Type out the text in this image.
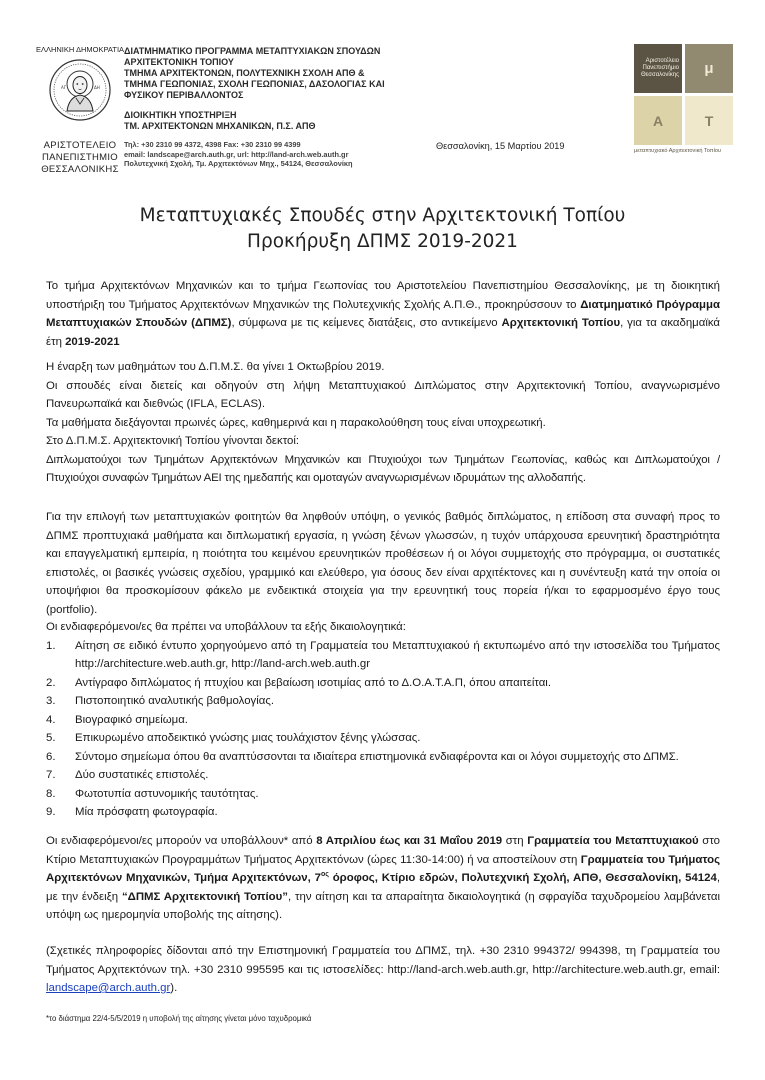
ΕΛΛΗΝΙΚΗ ΔΗΜΟΚΡΑΤΙΑ
ΑΓ	ΔΗ
ΑΡΙΣΤΟΤΕΛΕΙΟ
ΠΑΝΕΠΙΣΤΗΜΙΟ
ΘΕΣΣΑΛΟΝΙΚΗΣ
ΔΙΑΤΜΗΜΑΤΙΚΟ ΠΡΟΓΡΑΜΜΑ ΜΕΤΑΠΤΥΧΙΑΚΩΝ ΣΠΟΥΔΩΝ
ΑΡΧΙΤΕΚΤΟΝΙΚΗ ΤΟΠΙΟΥ
ΤΜΗΜΑ ΑΡΧΙΤΕΚΤΟΝΩΝ, ΠΟΛΥΤΕΧΝΙΚΗ ΣΧΟΛΗ ΑΠΘ &
ΤΜΗΜΑ ΓΕΩΠΟΝΙΑΣ, ΣΧΟΛΗ ΓΕΩΠΟΝΙΑΣ, ΔΑΣΟΛΟΓΙΑΣ ΚΑΙ
ΦΥΣΙΚΟΥ ΠΕΡΙΒΑΛΛΟΝΤΟΣ
ΔΙΟΙΚΗΤΙΚΗ ΥΠΟΣΤΗΡΙΞΗ
ΤΜ. ΑΡΧΙΤΕΚΤΟΝΩΝ ΜΗΧΑΝΙΚΩΝ, Π.Σ. ΑΠΘ
Τηλ: +30 2310 99 4372, 4398 Fax: +30 2310 99 4399
email: landscape@arch.auth.gr, url: http://land-arch.web.auth.gr
Πολυτεχνική Σχολή, Τμ. Αρχιτεκτόνων Μηχ., 54124, Θεσσαλονίκη
Θεσσαλονίκη, 15 Μαρτίου 2019
Αριστοτέλειο
Πανεπιστήμιο
Θεσσαλονίκης	μ
Α	Τ
μεταπτυχιακό Αρχιτεκτονική Τοπίου
Μεταπτυχιακές Σπουδές στην Αρχιτεκτονική Τοπίου
Προκήρυξη ΔΠΜΣ 2019-2021

Το τμήμα Αρχιτεκτόνων Μηχανικών και το τμήμα Γεωπονίας του Αριστοτελείου Πανεπιστημίου Θεσσαλονίκης, με τη διοικητική υποστήριξη του Τμήματος Αρχιτεκτόνων Μηχανικών της Πολυτεχνικής Σχολής Α.Π.Θ., προκηρύσσουν το Διατμηματικό Πρόγραμμα Μεταπτυχιακών Σπουδών (ΔΠΜΣ), σύμφωνα με τις κείμενες διατάξεις, στο αντικείμενο Αρχιτεκτονική Τοπίου, για τα ακαδημαϊκά έτη 2019-2021

Η έναρξη των μαθημάτων του Δ.Π.Μ.Σ. θα γίνει 1 Οκτωβρίου 2019.

Οι σπουδές είναι διετείς και οδηγούν στη λήψη Μεταπτυχιακού Διπλώματος στην Αρχιτεκτονική Τοπίου, αναγνωρισμένο Πανευρωπαϊκά και διεθνώς (IFLA, ECLAS).

Τα μαθήματα διεξάγονται πρωινές ώρες, καθημερινά και η παρακολούθηση τους είναι υποχρεωτική.

Στο Δ.Π.Μ.Σ. Αρχιτεκτονική Τοπίου γίνονται δεκτοί:

Διπλωματούχοι των Τμημάτων Αρχιτεκτόνων Μηχανικών και Πτυχιούχοι των Τμημάτων Γεωπονίας, καθώς και Διπλωματούχοι / Πτυχιούχοι συναφών Τμημάτων ΑΕΙ της ημεδαπής και ομοταγών αναγνωρισμένων ιδρυμάτων της αλλοδαπής.

Για την επιλογή των μεταπτυχιακών φοιτητών θα ληφθούν υπόψη, ο γενικός βαθμός διπλώματος, η επίδοση στα συναφή προς το ΔΠΜΣ προπτυχιακά μαθήματα και διπλωματική εργασία, η γνώση ξένων γλωσσών, η τυχόν υπάρχουσα ερευνητική δραστηριότητα και επαγγελματική εμπειρία, η ποιότητα του κειμένου ερευνητικών προθέσεων ή οι λόγοι συμμετοχής στο πρόγραμμα, οι συστατικές επιστολές, οι βασικές γνώσεις σχεδίου, γραμμικό και ελεύθερο, για όσους δεν είναι αρχιτέκτονες και η συνέντευξη κατά την οποία οι υποψήφιοι θα προσκομίσουν φάκελο με ενδεικτικά στοιχεία για την ερευνητική τους πορεία ή/και το εφαρμοσμένο έργο τους (portfolio).

Οι ενδιαφερόμενοι/ες θα πρέπει να υποβάλλουν τα εξής δικαιολογητικά:

1. Αίτηση σε ειδικό έντυπο χορηγούμενο από τη Γραμματεία του Μεταπτυχιακού ή εκτυπωμένο από την ιστοσελίδα του Τμήματος http://architecture.web.auth.gr, http://land-arch.web.auth.gr
2. Αντίγραφο διπλώματος ή πτυχίου και βεβαίωση ισοτιμίας από το Δ.Ο.Α.Τ.Α.Π, όπου απαιτείται.
3. Πιστοποιητικό αναλυτικής βαθμολογίας.
4. Βιογραφικό σημείωμα.
5. Επικυρωμένο αποδεικτικό γνώσης μιας τουλάχιστον ξένης γλώσσας.
6. Σύντομο σημείωμα όπου θα αναπτύσσονται τα ιδιαίτερα επιστημονικά ενδιαφέροντα και οι λόγοι συμμετοχής στο ΔΠΜΣ.
7. Δύο συστατικές επιστολές.
8. Φωτοτυπία αστυνομικής ταυτότητας.
9. Μία πρόσφατη φωτογραφία.

Οι ενδιαφερόμενοι/ες μπορούν να υποβάλλουν* από 8 Απριλίου έως και 31 Μαΐου 2019 στη Γραμματεία του Μεταπτυχιακού στο Κτίριο Μεταπτυχιακών Προγραμμάτων Τμήματος Αρχιτεκτόνων (ώρες 11:30-14:00) ή να αποστείλουν στη Γραμματεία του Τμήματος Αρχιτεκτόνων Μηχανικών, Τμήμα Αρχιτεκτόνων, $7^{o\varsigma}$ όροφος, Κτίριο εδρών, Πολυτεχνική Σχολή, ΑΠΘ, Θεσσαλονίκη, 54124, με την ένδειξη “ΔΠΜΣ Αρχιτεκτονική Τοπίου”, την αίτηση και τα απαραίτητα δικαιολογητικά (η σφραγίδα ταχυδρομείου λαμβάνεται υπόψη ως ημερομηνία υποβολής της αίτησης).

(Σχετικές πληροφορίες δίδονται από την Επιστημονική Γραμματεία του ΔΠΜΣ, τηλ. +30 2310 994372/ 994398, τη Γραμματεία του Τμήματος Αρχιτεκτόνων τηλ. +30 2310 995595 και τις ιστοσελίδες: http://land-arch.web.auth.gr, http://architecture.web.auth.gr, email: landscape@arch.auth.gr).

*το διάστημα 22/4-5/5/2019 η υποβολή της αίτησης γίνεται μόνο ταχυδρομικά
